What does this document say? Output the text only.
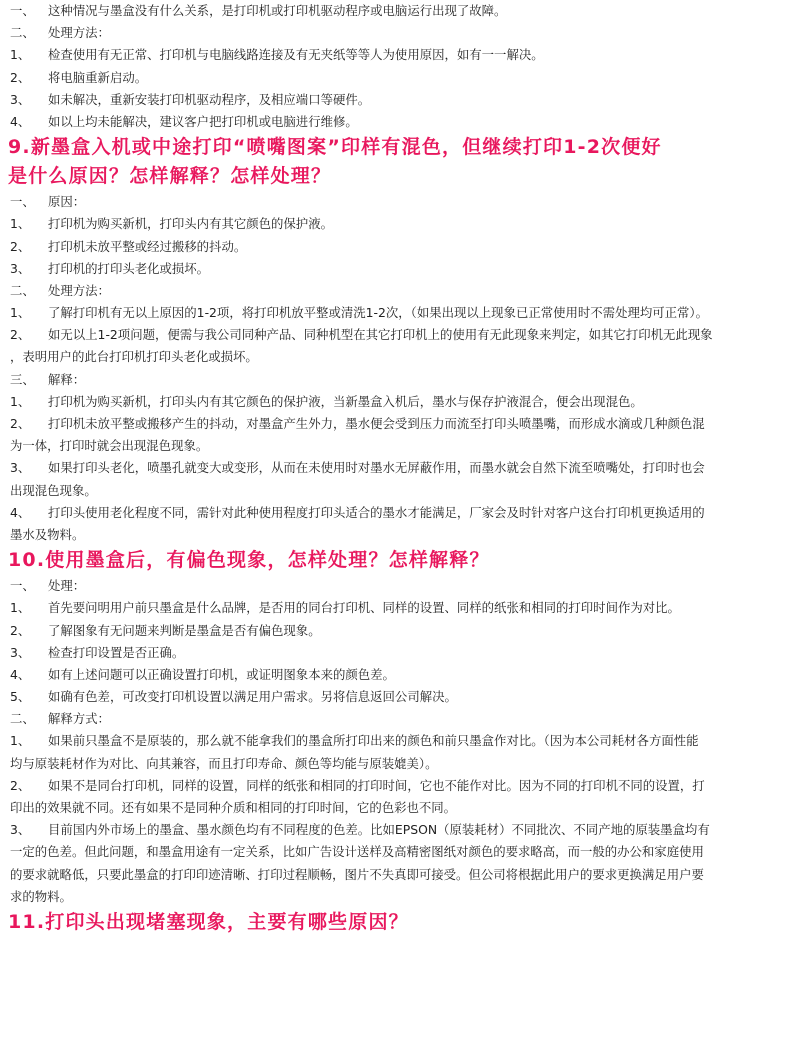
一、	这种情况与墨盒没有什么关系，是打印机或打印机驱动程序或电脑运行出现了故障。
二、	处理方法：
1、	检查使用有无正常、打印机与电脑线路连接及有无夹纸等等人为使用原因，如有一一解决。
2、	将电脑重新启动。
3、	如未解决，重新安装打印机驱动程序，及相应端口等硬件。
4、	如以上均未能解决，建议客户把打印机或电脑进行维修。
9.新墨盒入机或中途打印“喷嘴图案”印样有混色，但继续打印1-2次便好
是什么原因？怎样解释？怎样处理？
一、	原因：
1、	打印机为购买新机，打印头内有其它颜色的保护液。
2、	打印机未放平整或经过搬移的抖动。
3、	打印机的打印头老化或损坏。
二、	处理方法：
1、	了解打印机有无以上原因的1-2项，将打印机放平整或清洗1-2次，（如果出现以上现象已正常使用时不需处理均可正常）。
2、	如无以上1-2项问题，便需与我公司同种产品、同种机型在其它打印机上的使用有无此现象来判定，如其它打印机无此现象
，表明用户的此台打印机打印头老化或损坏。
三、	解释：
1、	打印机为购买新机，打印头内有其它颜色的保护液，当新墨盒入机后，墨水与保存护液混合，便会出现混色。
2、	打印机未放平整或搬移产生的抖动，对墨盒产生外力，墨水便会受到压力而流至打印头喷墨嘴，而形成水滴或几种颜色混
为一体，打印时就会出现混色现象。
3、	如果打印头老化，喷墨孔就变大或变形，从而在未使用时对墨水无屏蔽作用，而墨水就会自然下流至喷嘴处，打印时也会
出现混色现象。
4、	打印头使用老化程度不同，需针对此种使用程度打印头适合的墨水才能满足，厂家会及时针对客户这台打印机更换适用的
墨水及物料。
10.使用墨盒后，有偏色现象，怎样处理？怎样解释？
一、	处理：
1、	首先要问明用户前只墨盒是什么品牌，是否用的同台打印机、同样的设置、同样的纸张和相同的打印时间作为对比。
2、	了解图象有无问题来判断是墨盒是否有偏色现象。
3、	检查打印设置是否正确。
4、	如有上述问题可以正确设置打印机，或证明图象本来的颜色差。
5、	如确有色差，可改变打印机设置以满足用户需求。另将信息返回公司解决。
二、	解释方式：
1、	如果前只墨盒不是原装的，那么就不能拿我们的墨盒所打印出来的颜色和前只墨盒作对比。（因为本公司耗材各方面性能
均与原装耗材作为对比、向其兼容，而且打印寿命、颜色等均能与原装媲美）。
2、	如果不是同台打印机，同样的设置，同样的纸张和相同的打印时间，它也不能作对比。因为不同的打印机不同的设置，打
印出的效果就不同。还有如果不是同种介质和相同的打印时间，它的色彩也不同。
3、	目前国内外市场上的墨盒、墨水颜色均有不同程度的色差。比如EPSON（原装耗材）不同批次、不同产地的原装墨盒均有
一定的色差。但此问题，和墨盒用途有一定关系，比如广告设计送样及高精密图纸对颜色的要求略高，而一般的办公和家庭使用
的要求就略低，只要此墨盒的打印印迹清晰、打印过程顺畅，图片不失真即可接受。但公司将根据此用户的要求更换满足用户要
求的物料。
11.打印头出现堵塞现象，主要有哪些原因？
